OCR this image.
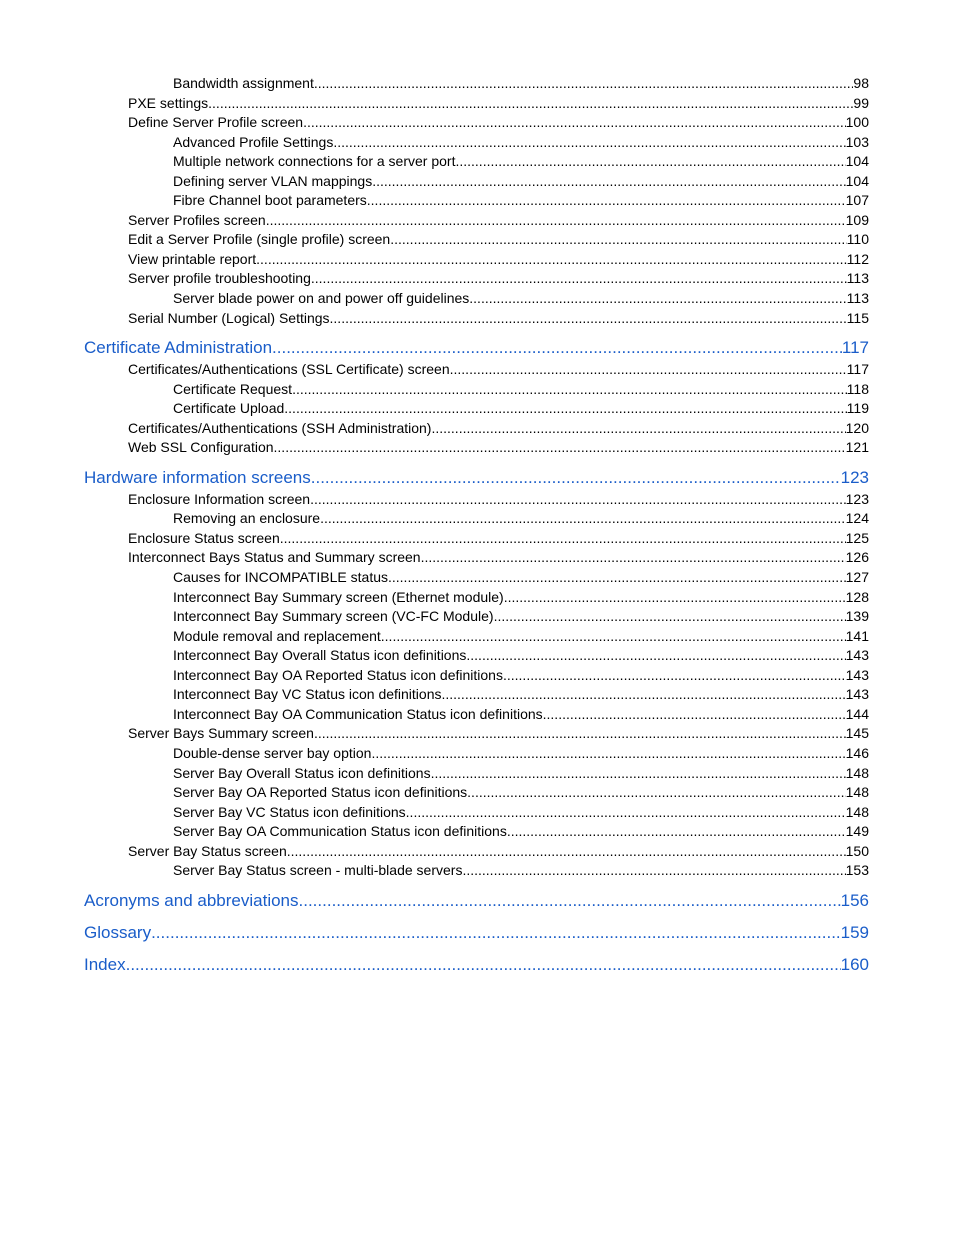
Bandwidth assignment .....	98
PXE settings .....	99
Define Server Profile screen .....	100
Advanced Profile Settings .....	103
Multiple network connections for a server port .....	104
Defining server VLAN mappings .....	104
Fibre Channel boot parameters .....	107
Server Profiles screen .....	109
Edit a Server Profile (single profile) screen .....	110
View printable report .....	112
Server profile troubleshooting .....	113
Server blade power on and power off guidelines .....	113
Serial Number (Logical) Settings .....	115
Certificate Administration .....	117
Certificates/Authentications (SSL Certificate) screen .....	117
Certificate Request .....	118
Certificate Upload .....	119
Certificates/Authentications (SSH Administration) .....	120
Web SSL Configuration .....	121
Hardware information screens .....	123
Enclosure Information screen .....	123
Removing an enclosure .....	124
Enclosure Status screen .....	125
Interconnect Bays Status and Summary screen .....	126
Causes for INCOMPATIBLE status .....	127
Interconnect Bay Summary screen (Ethernet module) .....	128
Interconnect Bay Summary screen (VC-FC Module) .....	139
Module removal and replacement .....	141
Interconnect Bay Overall Status icon definitions .....	143
Interconnect Bay OA Reported Status icon definitions .....	143
Interconnect Bay VC Status icon definitions .....	143
Interconnect Bay OA Communication Status icon definitions .....	144
Server Bays Summary screen .....	145
Double-dense server bay option .....	146
Server Bay Overall Status icon definitions .....	148
Server Bay OA Reported Status icon definitions .....	148
Server Bay VC Status icon definitions .....	148
Server Bay OA Communication Status icon definitions .....	149
Server Bay Status screen .....	150
Server Bay Status screen - multi-blade servers .....	153
Acronyms and abbreviations .....	156
Glossary .....	159
Index .....	160
